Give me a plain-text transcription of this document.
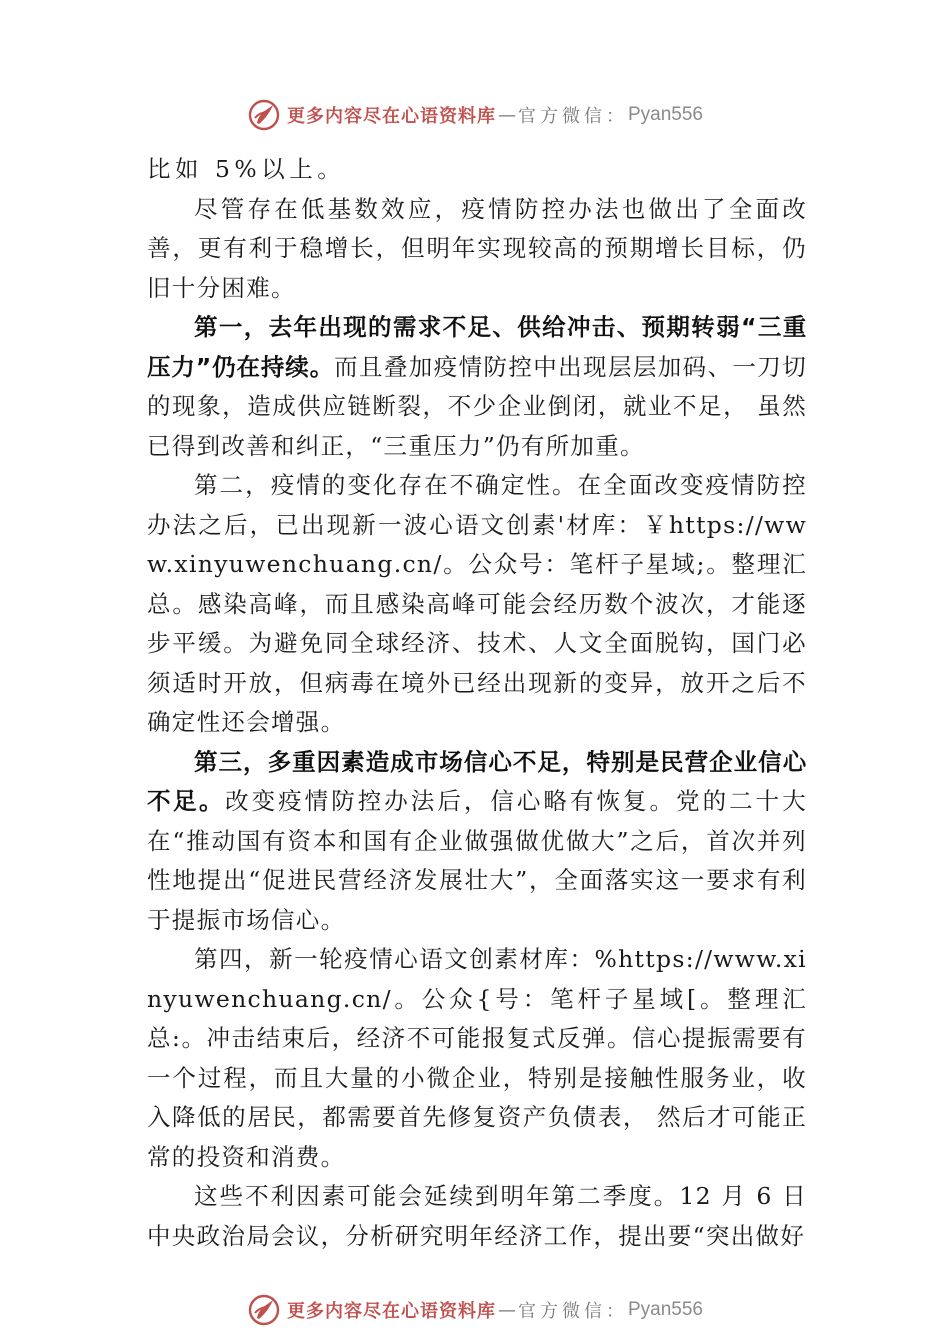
更多内容尽在心语资料库 — 官方微信： Pyan556

比如 5%以上。

尽管存在低基数效应，疫情防控办法也做出了全面改善，更有利于稳增长，但明年实现较高的预期增长目标，仍旧十分困难。

第一，去年出现的需求不足、供给冲击、预期转弱“三重压力”仍在持续。而且叠加疫情防控中出现层层加码、一刀切的现象，造成供应链断裂，不少企业倒闭，就业不足， 虽然已得到改善和纠正，“三重压力”仍有所加重。

第二，疫情的变化存在不确定性。在全面改变疫情防控办法之后，已出现新一波心语文创素'材库：￥https://www.xinyuwenchuang.cn/。公众号：笔杆子星域;。整理汇总。感染高峰，而且感染高峰可能会经历数个波次，才能逐步平缓。为避免同全球经济、技术、人文全面脱钩，国门必须适时开放，但病毒在境外已经出现新的变异，放开之后不确定性还会增强。

第三，多重因素造成市场信心不足，特别是民营企业信心不足。改变疫情防控办法后，信心略有恢复。党的二十大在“推动国有资本和国有企业做强做优做大”之后，首次并列性地提出“促进民营经济发展壮大”，全面落实这一要求有利于提振市场信心。

第四，新一轮疫情心语文创素材库：%https://www.xinyuwenchuang.cn/。公众{号：笔杆子星域[。整理汇总:。冲击结束后，经济不可能报复式反弹。信心提振需要有一个过程，而且大量的小微企业，特别是接触性服务业，收入降低的居民，都需要首先修复资产负债表， 然后才可能正常的投资和消费。

这些不利因素可能会延续到明年第二季度。12 月 6 日中央政治局会议，分析研究明年经济工作，提出要“突出做好

更多内容尽在心语资料库 — 官方微信： Pyan556
